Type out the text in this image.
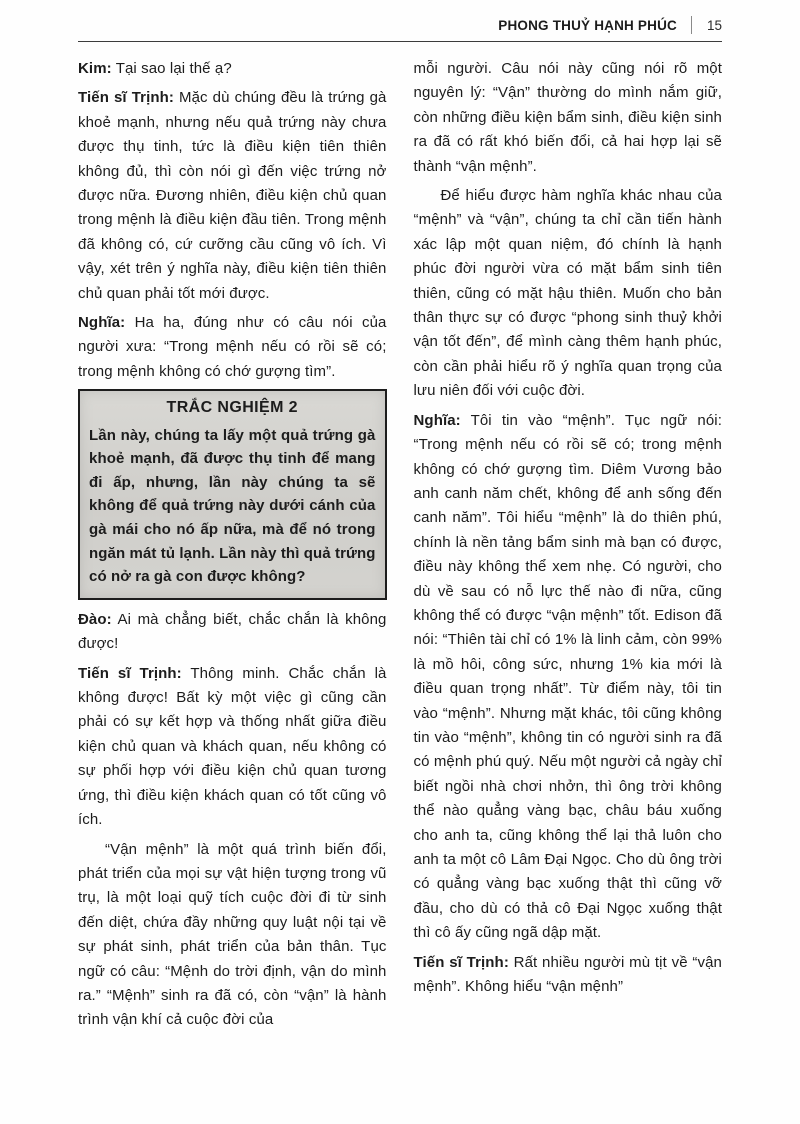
PHONG THUỶ HẠNH PHÚC 15

Kim: Tại sao lại thế ạ?

Tiến sĩ Trịnh: Mặc dù chúng đều là trứng gà khoẻ mạnh, nhưng nếu quả trứng này chưa được thụ tinh, tức là điều kiện tiên thiên không đủ, thì còn nói gì đến việc trứng nở được nữa. Đương nhiên, điều kiện chủ quan trong mệnh là điều kiện đầu tiên. Trong mệnh đã không có, cứ cưỡng cầu cũng vô ích. Vì vậy, xét trên ý nghĩa này, điều kiện tiên thiên chủ quan phải tốt mới được.

Nghĩa: Ha ha, đúng như có câu nói của người xưa: “Trong mệnh nếu có rồi sẽ có; trong mệnh không có chớ gượng tìm”.

TRẮC NGHIỆM 2
Lần này, chúng ta lấy một quả trứng gà khoẻ mạnh, đã được thụ tinh để mang đi ấp, nhưng, lần này chúng ta sẽ không để quả trứng này dưới cánh của gà mái cho nó ấp nữa, mà để nó trong ngăn mát tủ lạnh. Lần này thì quả trứng có nở ra gà con được không?

Đào: Ai mà chẳng biết, chắc chắn là không được!

Tiến sĩ Trịnh: Thông minh. Chắc chắn là không được! Bất kỳ một việc gì cũng cần phải có sự kết hợp và thống nhất giữa điều kiện chủ quan và khách quan, nếu không có sự phối hợp với điều kiện chủ quan tương ứng, thì điều kiện khách quan có tốt cũng vô ích.

“Vận mệnh” là một quá trình biến đổi, phát triển của mọi sự vật hiện tượng trong vũ trụ, là một loại quỹ tích cuộc đời đi từ sinh đến diệt, chứa đầy những quy luật nội tại về sự phát sinh, phát triển của bản thân. Tục ngữ có câu: “Mệnh do trời định, vận do mình ra.” “Mệnh” sinh ra đã có, còn “vận” là hành trình vận khí cả cuộc đời của

mỗi người. Câu nói này cũng nói rõ một nguyên lý: “Vận” thường do mình nắm giữ, còn những điều kiện bẩm sinh, điều kiện sinh ra đã có rất khó biến đổi, cả hai hợp lại sẽ thành “vận mệnh”.

Để hiểu được hàm nghĩa khác nhau của “mệnh” và “vận”, chúng ta chỉ cần tiến hành xác lập một quan niệm, đó chính là hạnh phúc đời người vừa có mặt bẩm sinh tiên thiên, cũng có mặt hậu thiên. Muốn cho bản thân thực sự có được “phong sinh thuỷ khởi vận tốt đến”, để mình càng thêm hạnh phúc, còn cần phải hiểu rõ ý nghĩa quan trọng của lưu niên đối với cuộc đời.

Nghĩa: Tôi tin vào “mệnh”. Tục ngữ nói: “Trong mệnh nếu có rồi sẽ có; trong mệnh không có chớ gượng tìm. Diêm Vương bảo anh canh năm chết, không để anh sống đến canh năm”. Tôi hiểu “mệnh” là do thiên phú, chính là nền tảng bẩm sinh mà bạn có được, điều này không thể xem nhẹ. Có người, cho dù về sau có nỗ lực thế nào đi nữa, cũng không thể có được “vận mệnh” tốt. Edison đã nói: “Thiên tài chỉ có 1% là linh cảm, còn 99% là mồ hôi, công sức, nhưng 1% kia mới là điều quan trọng nhất”. Từ điểm này, tôi tin vào “mệnh”. Nhưng mặt khác, tôi cũng không tin vào “mệnh”, không tin có người sinh ra đã có mệnh phú quý. Nếu một người cả ngày chỉ biết ngồi nhà chơi nhởn, thì ông trời không thể nào quẳng vàng bạc, châu báu xuống cho anh ta, cũng không thể lại thả luôn cho anh ta một cô Lâm Đại Ngọc. Cho dù ông trời có quẳng vàng bạc xuống thật thì cũng vỡ đầu, cho dù có thả cô Đại Ngọc xuống thật thì cô ấy cũng ngã dập mặt.

Tiến sĩ Trịnh: Rất nhiều người mù tịt về “vận mệnh”. Không hiểu “vận mệnh”
